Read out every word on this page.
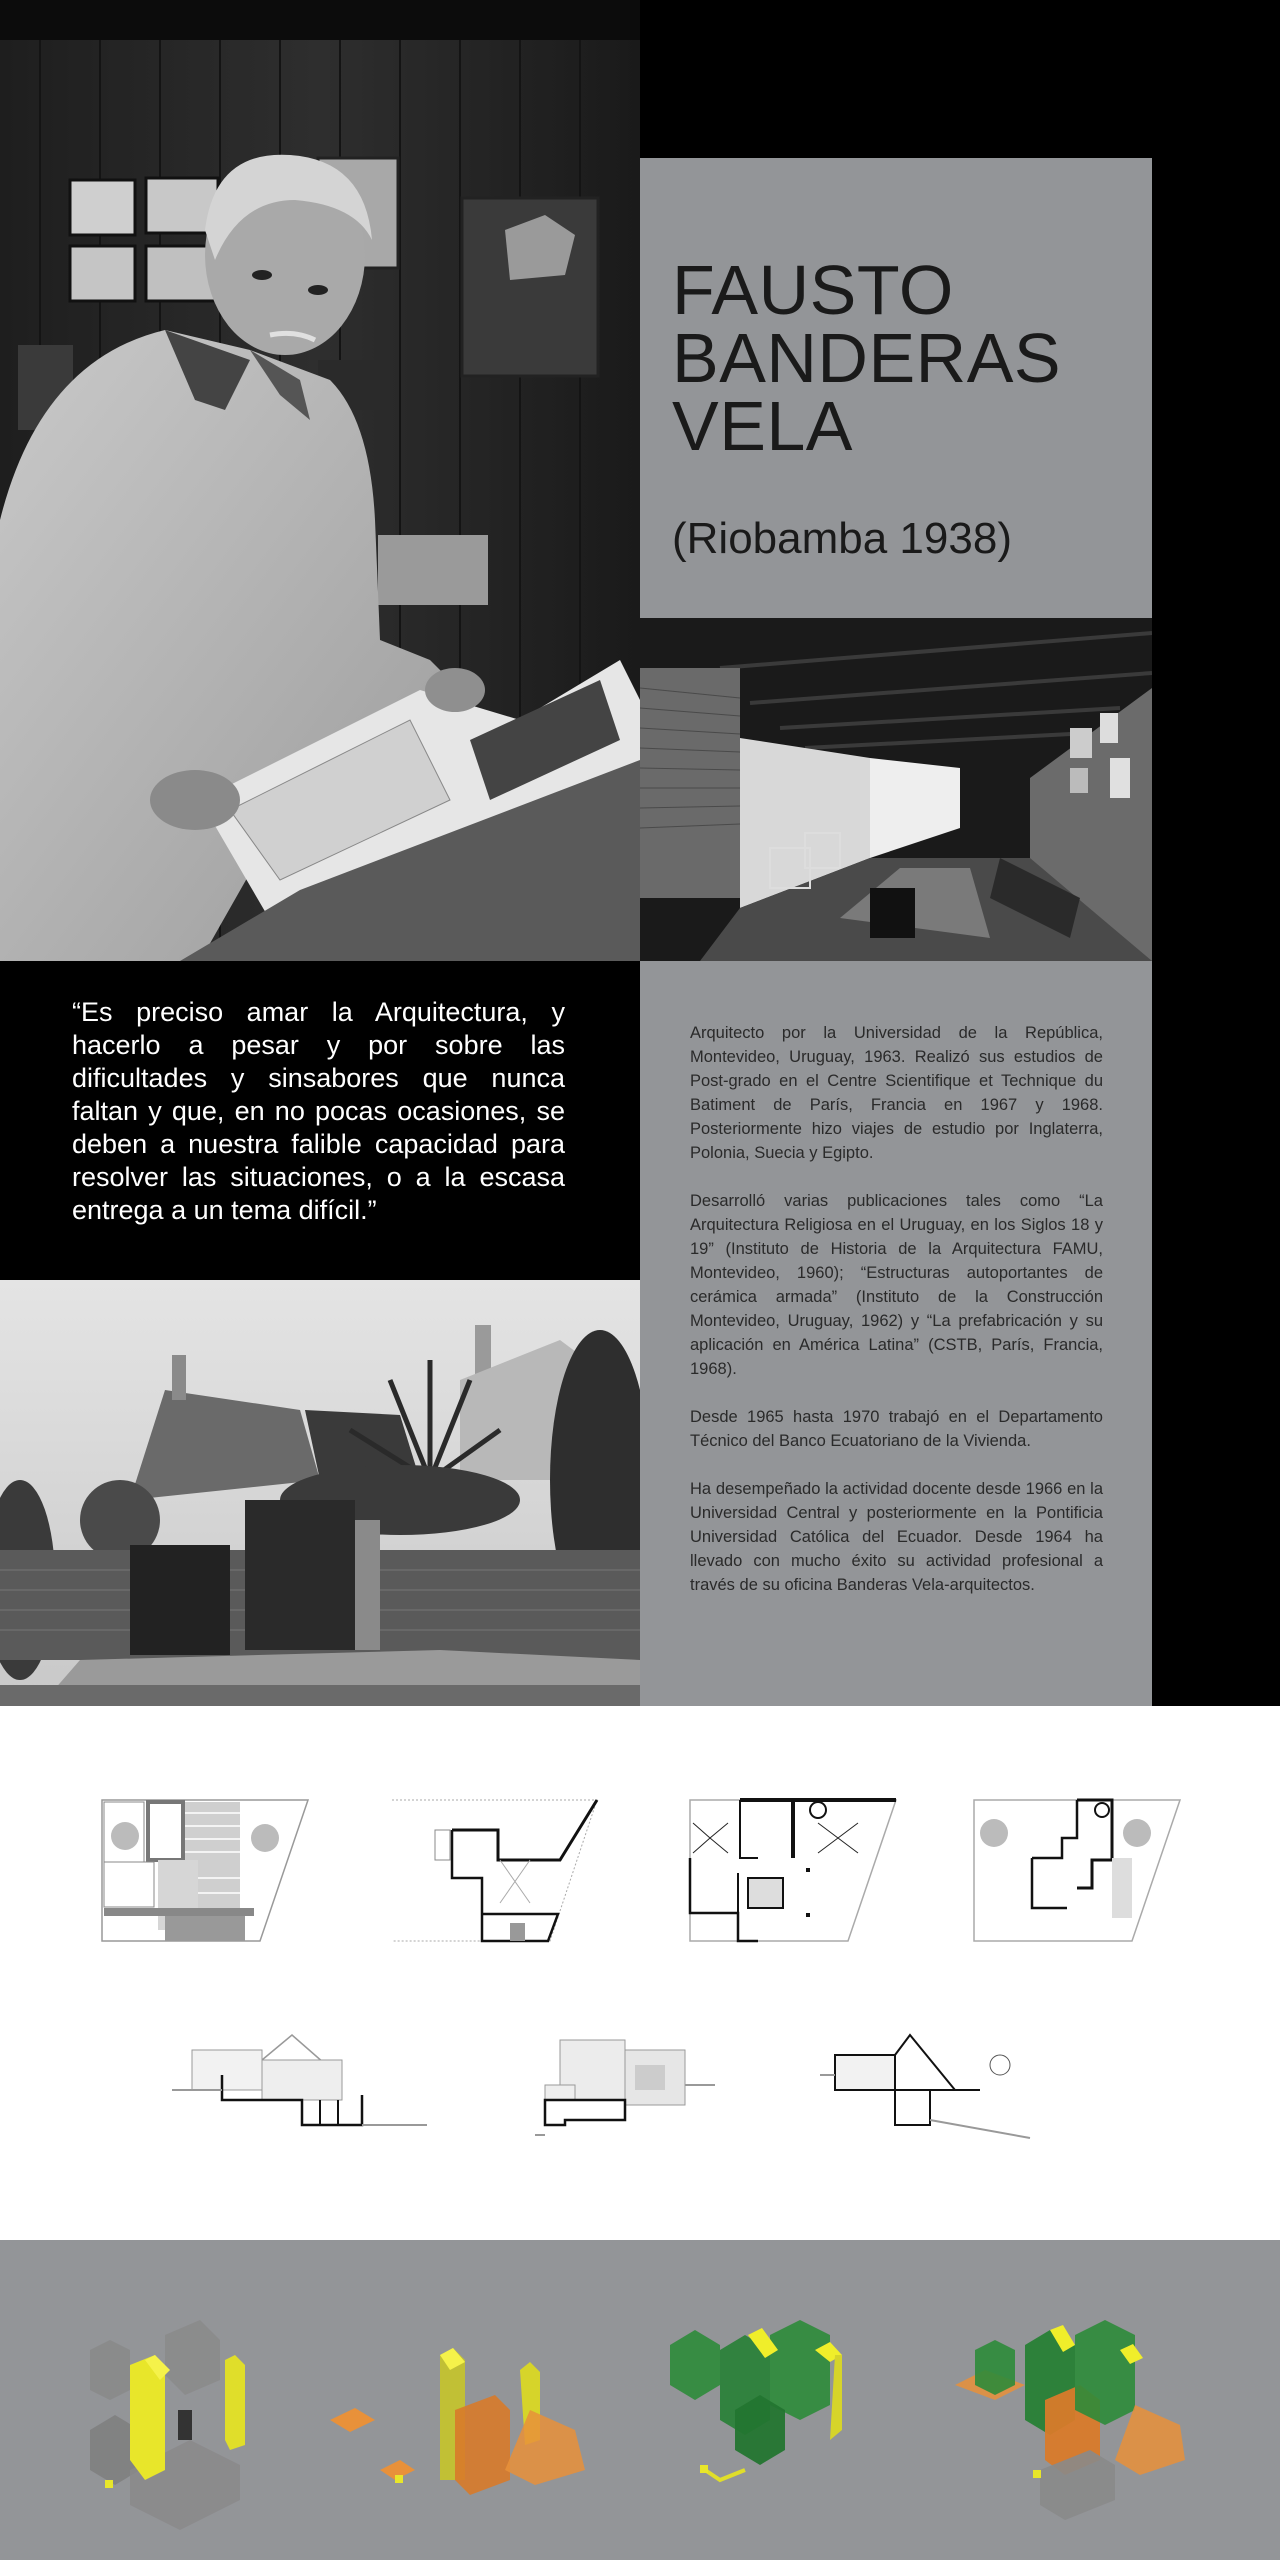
FAUSTO
BANDERAS
VELA
(Riobamba 1938)
“Es preciso amar la Arquitectura, y hacerlo a pesar y por sobre las dificultades y sinsabores que nunca faltan y que, en no pocas ocasiones, se deben a nuestra falible capacidad para resolver las situaciones, o a la escasa entrega a un tema difícil.”

Arquitecto por la Universidad de la República, Montevideo, Uruguay, 1963. Realizó sus estudios de Post-grado en el Centre Scientifique et Technique du Batiment de París, Francia en 1967 y 1968. Posteriormente hizo viajes de estudio por Inglaterra, Polonia, Suecia y Egipto.

Desarrolló varias publicaciones tales como “La Arquitectura Religiosa en el Uruguay, en los Siglos 18 y 19” (Instituto de Historia de la Arquitectura FAMU, Montevideo, 1960); “Estructuras autoportantes de cerámica armada” (Instituto de la Construcción Montevideo, Uruguay, 1962) y “La prefabricación y su aplicación en América Latina” (CSTB, París, Francia, 1968).

Desde 1965 hasta 1970 trabajó en el Departamento Técnico del Banco Ecuatoriano de la Vivienda.

Ha desempeñado la actividad docente desde 1966 en la Universidad Central y posteriormente en la Pontificia Universidad Católica del Ecuador. Desde 1964 ha llevado con mucho éxito su actividad profesional a través de su oficina Banderas Vela-arquitectos.
